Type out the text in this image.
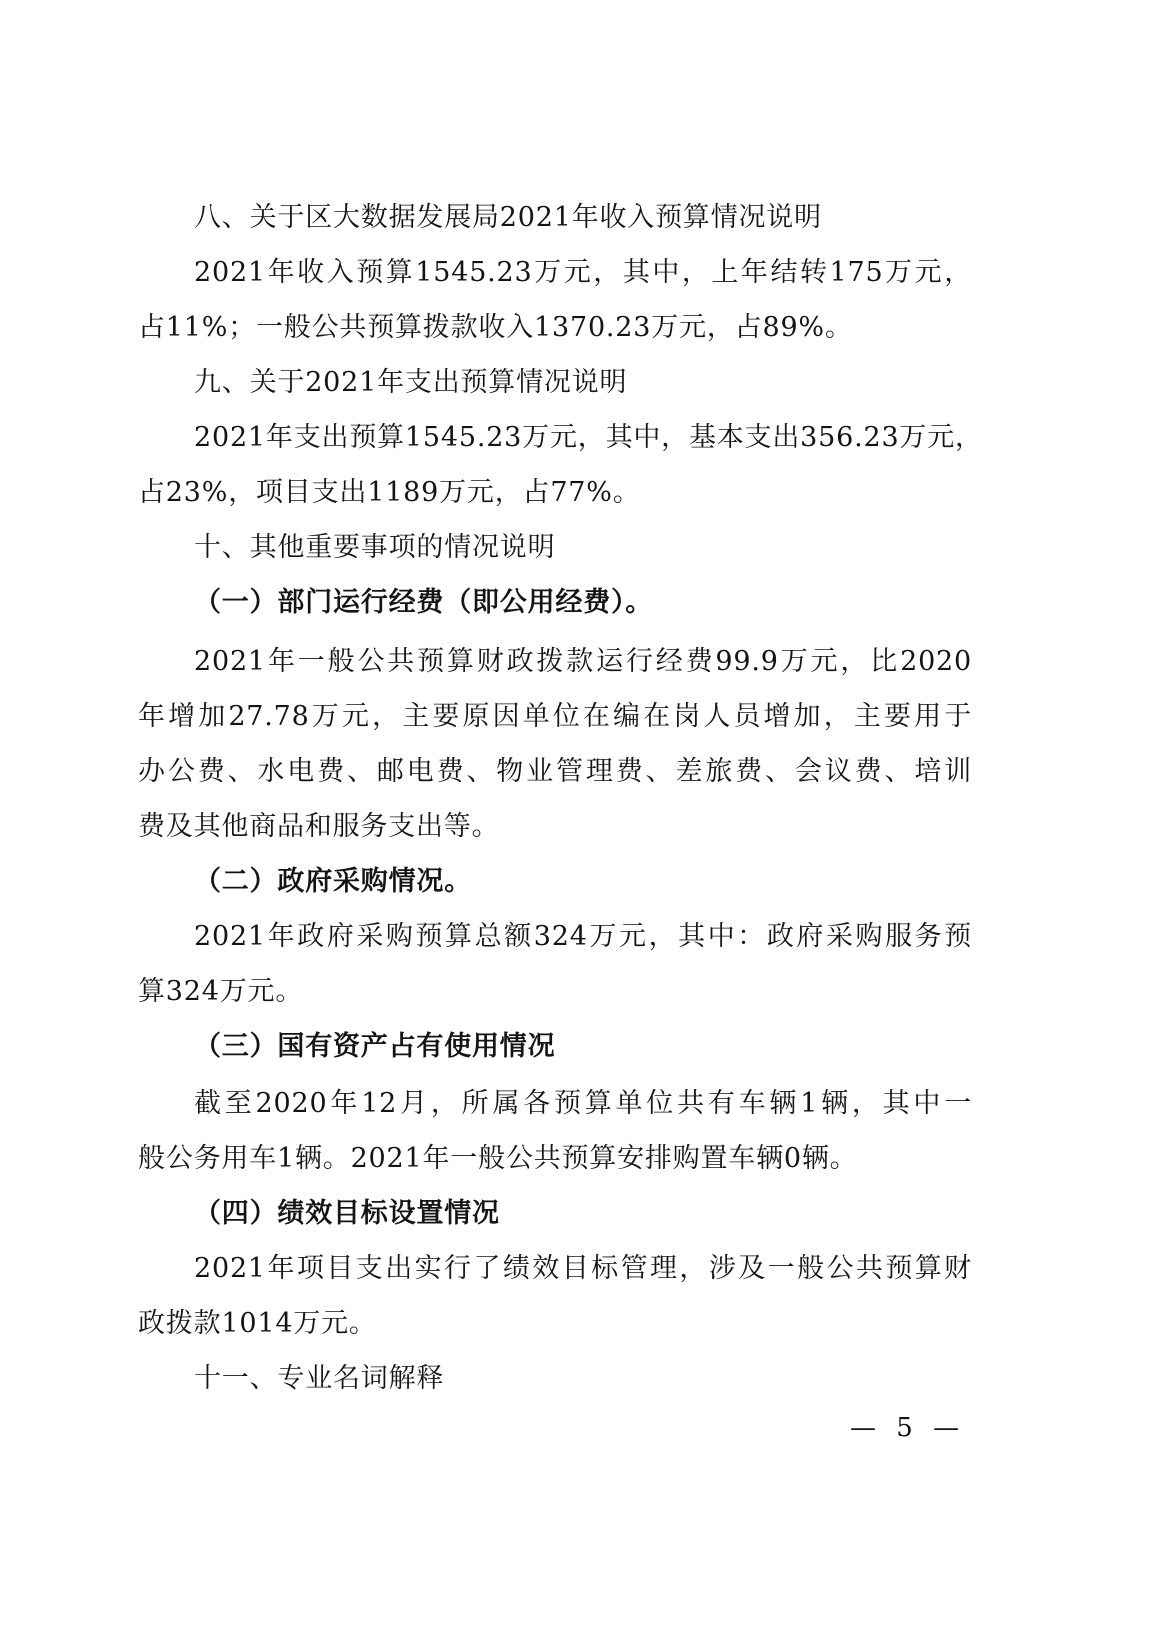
八、关于区大数据发展局2021年收入预算情况说明
2021年收入预算1545.23万元，其中，上年结转175万元，
占11%；一般公共预算拨款收入1370.23万元，占89%。
九、关于2021年支出预算情况说明
2021年支出预算1545.23万元，其中，基本支出356.23万元，
占23%，项目支出1189万元，占77%。
十、其他重要事项的情况说明
（一）部门运行经费（即公用经费）。
2021年一般公共预算财政拨款运行经费99.9万元，比2020
年增加27.78万元，主要原因单位在编在岗人员增加，主要用于
办公费、水电费、邮电费、物业管理费、差旅费、会议费、培训
费及其他商品和服务支出等。
（二）政府采购情况。
2021年政府采购预算总额324万元，其中：政府采购服务预
算324万元。
（三）国有资产占有使用情况
截至2020年12月，所属各预算单位共有车辆1辆，其中一
般公务用车1辆。2021年一般公共预算安排购置车辆0辆。
（四）绩效目标设置情况
2021年项目支出实行了绩效目标管理，涉及一般公共预算财
政拨款1014万元。
十一、专业名词解释
— 5 —
